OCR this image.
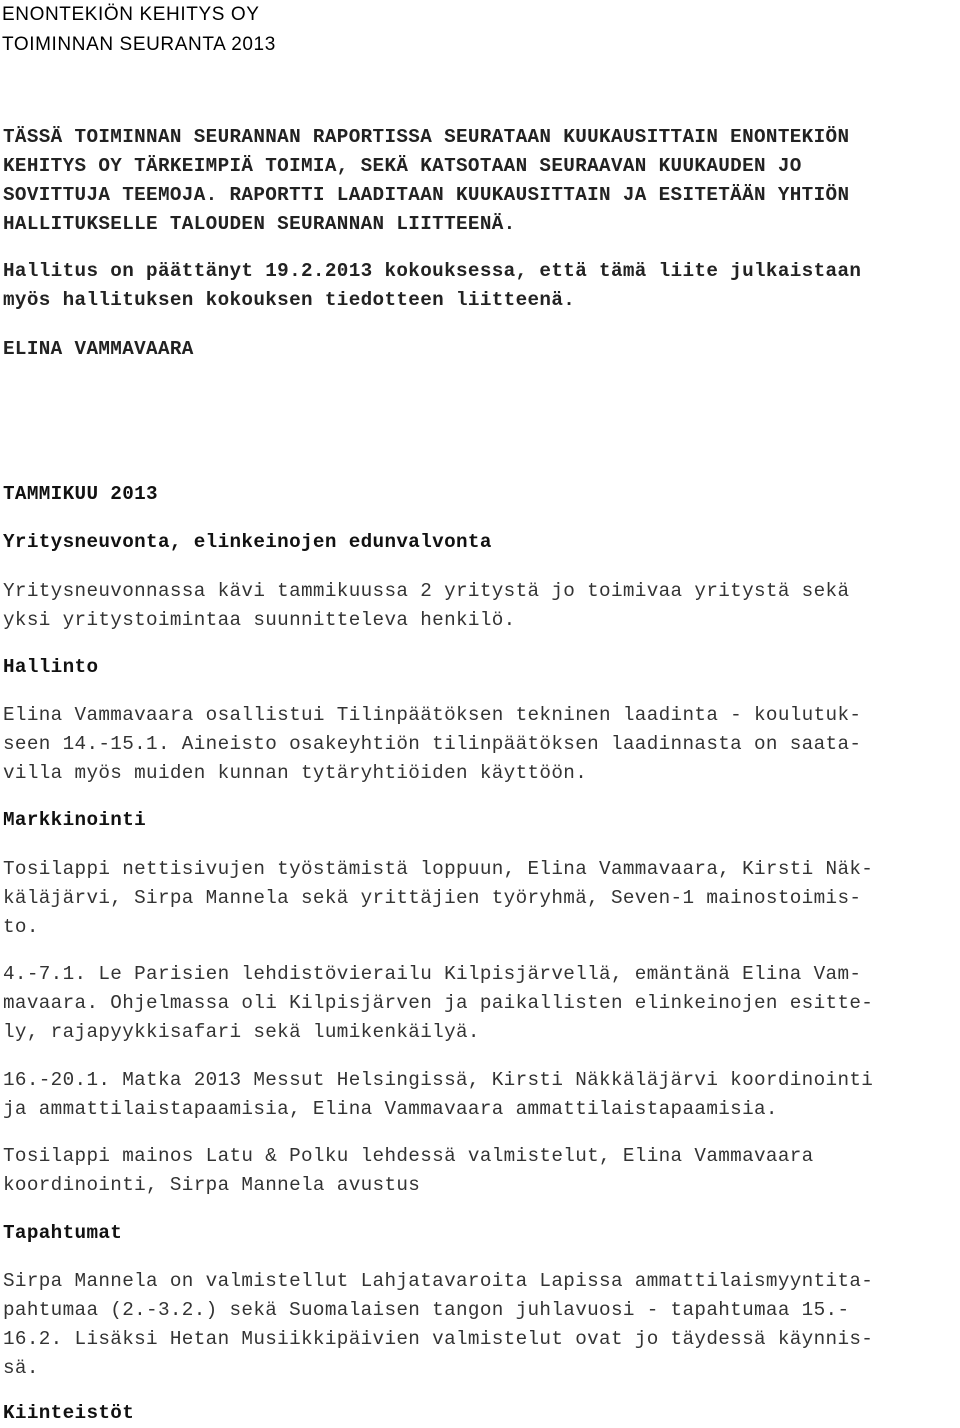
ENONTEKIÖN KEHITYS OY
TOIMINNAN SEURANTA 2013
TÄSSÄ TOIMINNAN SEURANNAN RAPORTISSA SEURATAAN KUUKAUSITTAIN ENONTEKIÖN
KEHITYS OY TÄRKEIMPIÄ TOIMIA, SEKÄ KATSOTAAN SEURAAVAN KUUKAUDEN JO
SOVITTUJA TEEMOJA. RAPORTTI LAADITAAN KUUKAUSITTAIN JA ESITETÄÄN YHTIÖN
HALLITUKSELLE TALOUDEN SEURANNAN LIITTEENÄ.
Hallitus on päättänyt 19.2.2013 kokouksessa, että tämä liite julkaistaan
myös hallituksen kokouksen tiedotteen liitteenä.
ELINA VAMMAVAARA
TAMMIKUU 2013
Yritysneuvonta, elinkeinojen edunvalvonta
Yritysneuvonnassa kävi tammikuussa 2 yritystä jo toimivaa yritystä sekä
yksi yritystoimintaa suunnitteleva henkilö.
Hallinto
Elina Vammavaara osallistui Tilinpäätöksen tekninen laadinta - koulutuk-
seen 14.-15.1. Aineisto osakeyhtiön tilinpäätöksen laadinnasta on saata-
villa myös muiden kunnan tytäryhtiöiden käyttöön.
Markkinointi
Tosilappi nettisivujen työstämistä loppuun, Elina Vammavaara, Kirsti Näk-
käläjärvi, Sirpa Mannela sekä yrittäjien työryhmä, Seven-1 mainostoimis-
to.
4.-7.1. Le Parisien lehdistövierailu Kilpisjärvellä, emäntänä Elina Vam-
mavaara. Ohjelmassa oli Kilpisjärven ja paikallisten elinkeinojen esitte-
ly, rajapyykkisafari sekä lumikenkäilyä.
16.-20.1. Matka 2013 Messut Helsingissä, Kirsti Näkkäläjärvi koordinointi
ja ammattilaistapaamisia, Elina Vammavaara ammattilaistapaamisia.
Tosilappi mainos Latu & Polku lehdessä valmistelut, Elina Vammavaara
koordinointi, Sirpa Mannela avustus
Tapahtumat
Sirpa Mannela on valmistellut Lahjatavaroita Lapissa ammattilaismyyntita-
pahtumaa (2.-3.2.) sekä Suomalaisen tangon juhlavuosi - tapahtumaa 15.-
16.2. Lisäksi Hetan Musiikkipäivien valmistelut ovat jo täydessä käynnis-
sä.
Kiinteistöt
